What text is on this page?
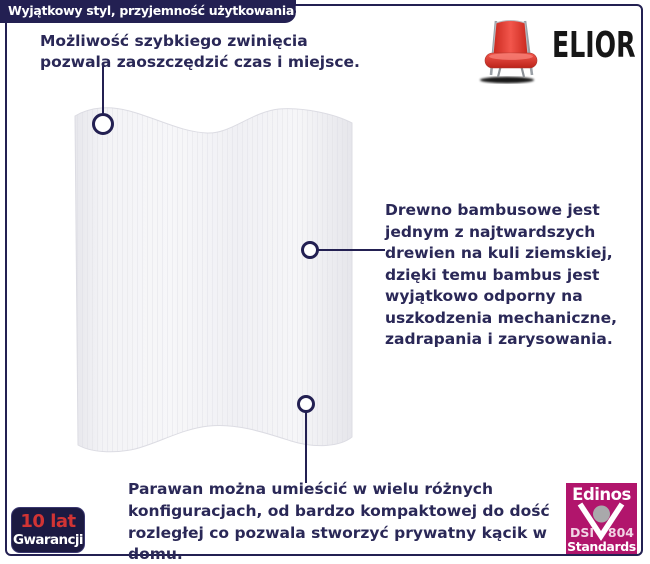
Wyjątkowy styl, przyjemność użytkowania!
Możliwość szybkiego zwinięcia
pozwala zaoszczędzić czas i miejsce.	ELIOR
Drewno bambusowe jest
jednym z najtwardszych
drewien na kuli ziemskiej,
dzięki temu bambus jest
wyjątkowo odporny na
uszkodzenia mechaniczne,
zadrapania i zarysowania.
Parawan można umieścić w wielu różnych
konfiguracjach, od bardzo kompaktowej do dość
rozległej co pozwala stworzyć prywatny kącik w
domu.
10 lat
Gwarancji
Edinos
DSI 804
Standards
